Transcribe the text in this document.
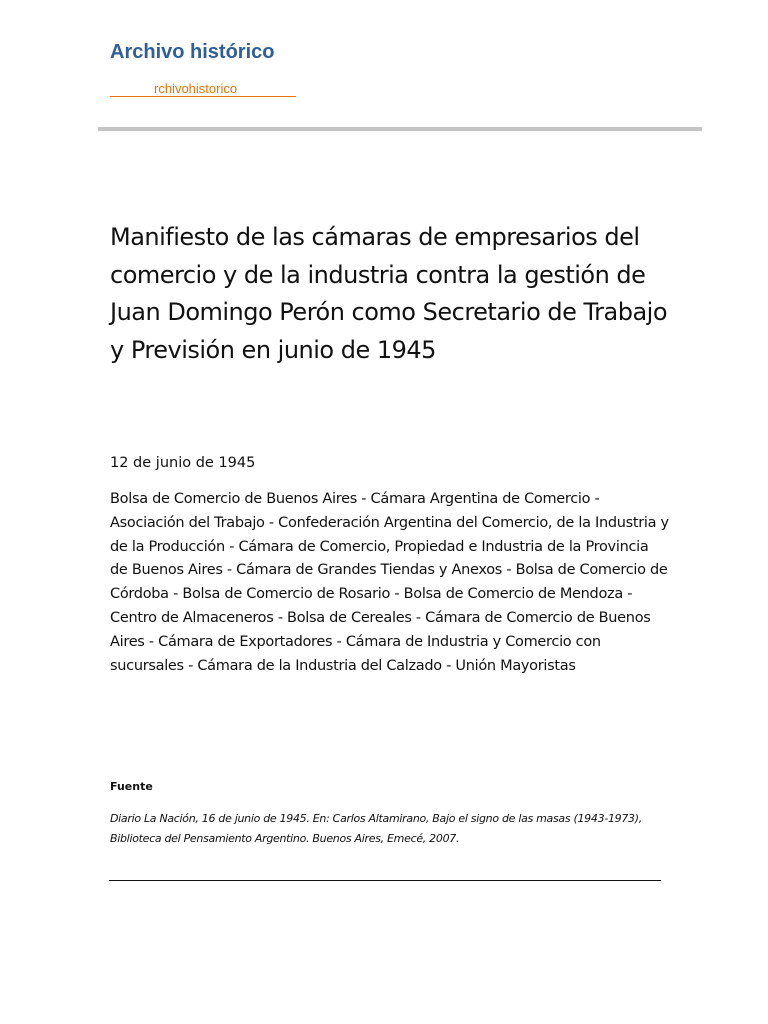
Archivo histórico
rchivohistorico
Manifiesto de las cámaras de empresarios del comercio y de la industria contra la gestión de Juan Domingo Perón como Secretario de Trabajo y Previsión en junio de 1945

12 de junio de 1945

Bolsa de Comercio de Buenos Aires - Cámara Argentina de Comercio - Asociación del Trabajo - Confederación Argentina del Comercio, de la Industria y de la Producción - Cámara de Comercio, Propiedad e Industria de la Provincia de Buenos Aires - Cámara de Grandes Tiendas y Anexos - Bolsa de Comercio de Córdoba - Bolsa de Comercio de Rosario - Bolsa de Comercio de Mendoza - Centro de Almaceneros - Bolsa de Cereales - Cámara de Comercio de Buenos Aires - Cámara de Exportadores - Cámara de Industria y Comercio con sucursales - Cámara de la Industria del Calzado - Unión Mayoristas

Fuente

Diario La Nación, 16 de junio de 1945. En: Carlos Altamirano, Bajo el signo de las masas (1943-1973), Biblioteca del Pensamiento Argentino. Buenos Aires, Emecé, 2007.
